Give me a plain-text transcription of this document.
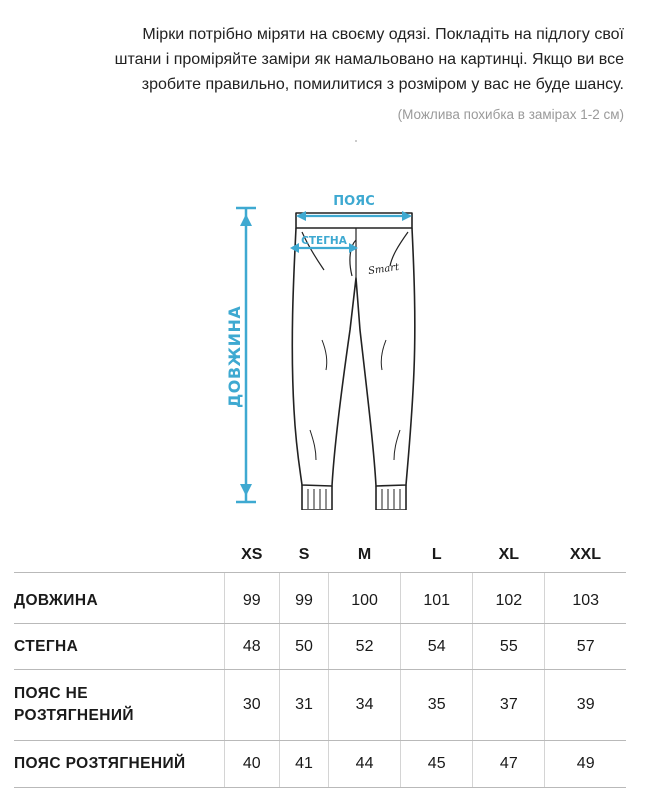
Мірки потрібно міряти на своєму одязі. Покладіть на підлогу свої

штани і проміряйте заміри як намальовано на картинці. Якщо ви все

зробите правильно, помилитися з розміром у вас не буде шансу.

(Можлива похибка в замірах 1-2 см)
ДОВЖИНА
ПОЯС
СТЕГНА
Smart
	XS	S	M	L	XL	XXL
ДОВЖИНА	99	99	100	101	102	103
СТЕГНА	48	50	52	54	55	57

ПОЯС НЕ
РОЗТЯГНЕНИЙ	30	31	34	35	37	39
ПОЯС РОЗТЯГНЕНИЙ	40	41	44	45	47	49
